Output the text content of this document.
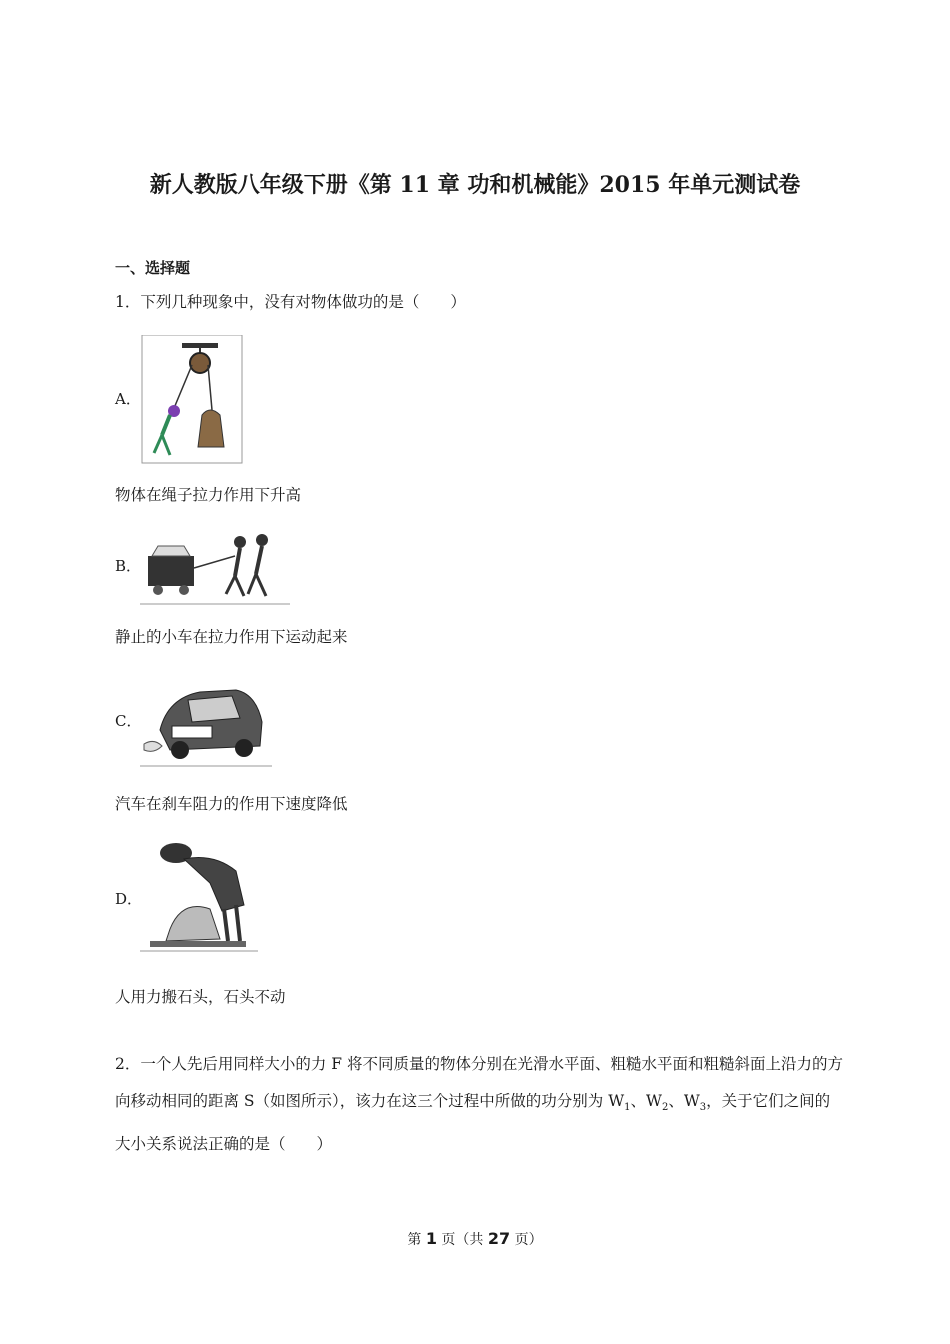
新人教版八年级下册《第 11 章 功和机械能》2015 年单元测试卷
一、选择题
1．下列几种现象中，没有对物体做功的是（　　）
A．
物体在绳子拉力作用下升高
B．
静止的小车在拉力作用下运动起来
C．
汽车在刹车阻力的作用下速度降低
D．
人用力搬石头，石头不动
2．一个人先后用同样大小的力 F 将不同质量的物体分别在光滑水平面、粗糙水平面和粗糙斜面上沿力的方向移动相同的距离 S（如图所示），该力在这三个过程中所做的功分别为 $W_1$、$W_2$、$W_3$，关于它们之间的大小关系说法正确的是（　　）
第 1 页（共 27 页）
